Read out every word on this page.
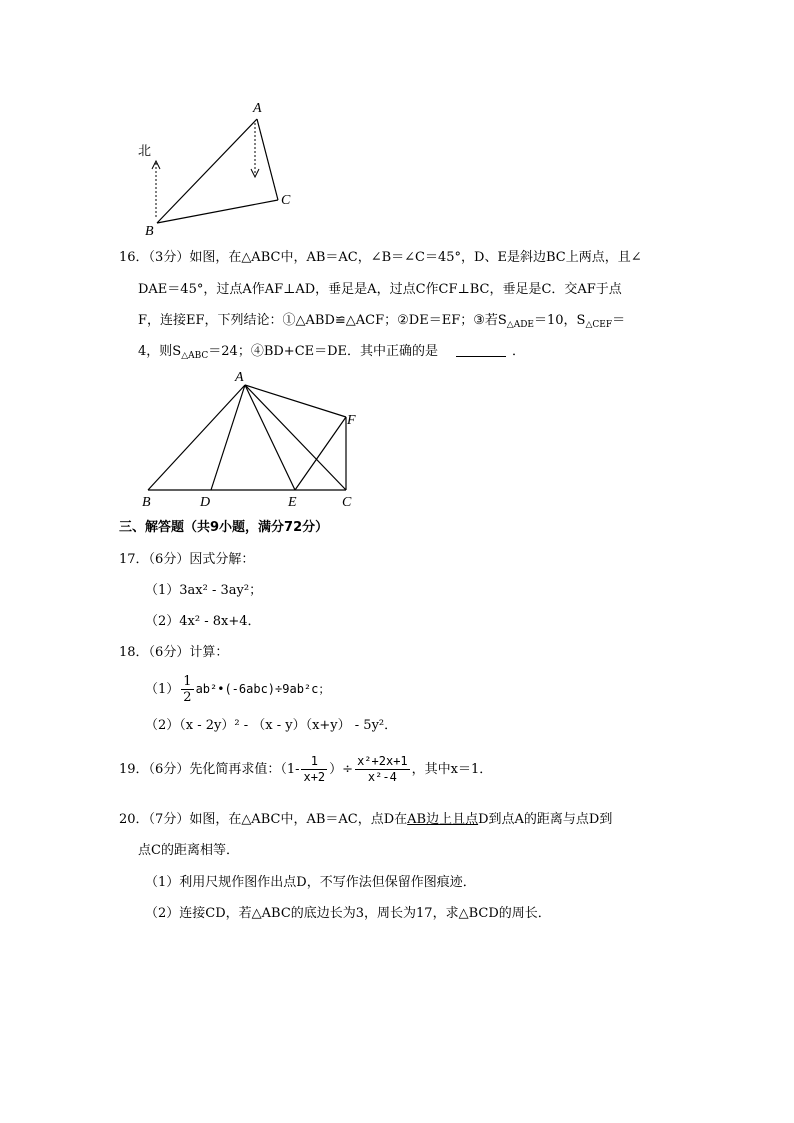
北
A
B
C
16．（3分）如图，在△ABC中，AB＝AC，∠B＝∠C＝45°，D、E是斜边BC上两点，且∠
DAE＝45°，过点A作AF⊥AD，垂足是A，过点C作CF⊥BC，垂足是C．交AF于点
F，连接EF，下列结论：①△ABD≌△ACF；②DE＝EF；③若$S_{\triangle ADE}=10$，$S_{\triangle CEF}=$
4，则$S_{\triangle ABC}=24$；④BD+CE＝DE．其中正确的是	．
A
B	D	E	C
F
三、解答题（共9小题，满分72分）
17．（6分）因式分解：
（1）3ax² - 3ay²；
（2）4x² - 8x+4．
18．（6分）计算：
$(1) \frac{1}{2}$ ab²•(-6abc)÷9ab²c；
（2）（x - 2y）² - （x - y）（x+y） - 5y²．
19．（6分）先化简再求值：（$1- \frac{1}{x+2}$ ）÷ $\frac{\text{x²+2x+1}}{\text{x²-4}}$ ，其中x＝1．
20．（7分）如图，在△ABC中，AB＝AC，点D在AB边上且点D到点A的距离与点D到
点C的距离相等．
（1）利用尺规作图作出点D，不写作法但保留作图痕迹．
（2）连接CD，若△ABC的底边长为3，周长为17，求△BCD的周长．
